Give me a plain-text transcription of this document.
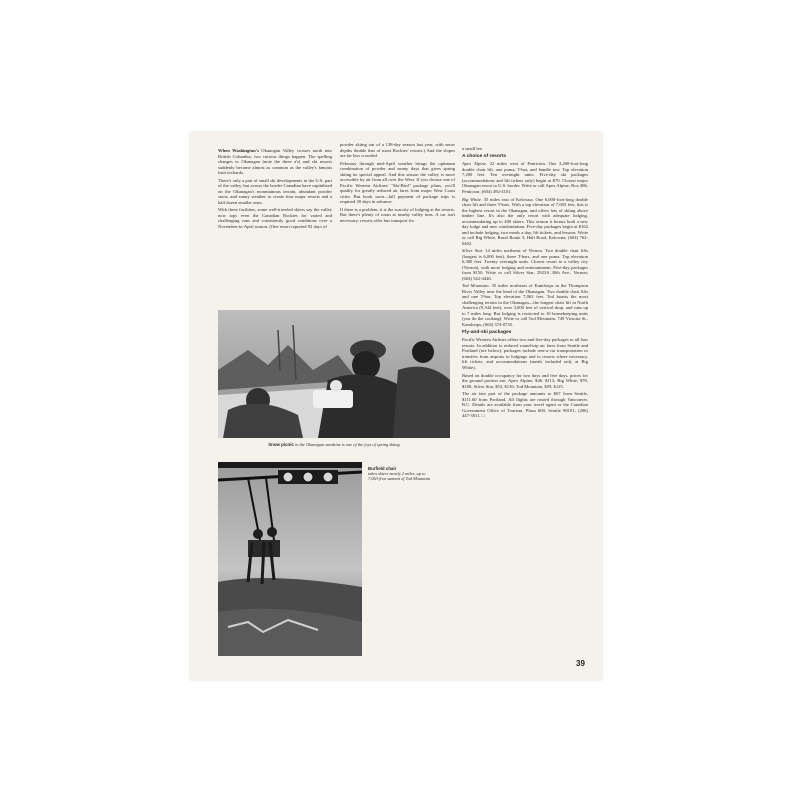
When Washington's Okanogan Valley crosses north into British Columbia, two curious things happen. The spelling changes to Okanagan (note the three a's) and ski resorts suddenly become almost as common as the valley's famous fruit orchards.

There's only a pair of small ski developments in the U.S. part of the valley, but across the border Canadian have capitalized on the Okanagan's mountainous terrain, abundant powder snow, and sunny weather to create four major resorts and a half dozen smaller ones.

With these facilities, some well-traveled skiers say the valley now tops even the Canadian Rockies for varied and challenging runs and consistently good conditions over a November-to-April season. (One resort reported 92 days of

powder skiing out of a 138-day season last year, with snow depths double that of most Rockies' resorts.) And the slopes are far less crowded.

February through mid-April weather brings the optimum combination of powder and sunny days that gives spring skiing its special appeal. And this season the valley is more accessible by air from all over the West. If you choose one of Pacific Western Airlines' "Ski-Bird" package plans, you'll qualify for greatly reduced air fares from major West Coast cities. But book soon—full payment of package trips is required 30 days in advance.

If there is a problem, it is the scarcity of lodging at the resorts. But there's plenty of room at nearby valley inns. A car isn't necessary; resorts offer bus transport for

a small fee.

A choice of resorts

Apex Alpine. 22 miles west of Penticton. One 3,200-foot-long double chair lift, one poma, T-bar, and handle tow. Top elevation 7,200 feet. Ten overnight units. Five-day ski packages (accommodations and lift tickets only) begin at $70. Closest major Okanagan resort to U.S. border. Write or call Apex Alpine, Box 486, Penticton; (604) 492-4101.

Big White. 35 miles east of Kelowna. One 6,000-foot-long double chair lift and three T-bars. With a top elevation of 7,603 feet, this is the highest resort in the Okanagan, and offers lots of skiing above timber line. It's also the only resort with adequate lodging, accommodating up to 400 skiers. This season it boasts both a new day lodge and new condominium. Five-day packages begin at $162 and include lodging, two meals a day, lift tickets, and lessons. Write or call Big White, Rural Route 3, Hall Road, Kelowna; (604) 762-0402.

Silver Star. 14 miles northeast of Vernon. Two double chair lifts (longest is 6,000 feet), three T-bars, and one poma. Top elevation 6,300 feet. Twenty overnight units. Closest resort to a valley city (Vernon), with more lodging and entertainment. Five-day packages from $150. Write or call Silver Star, 2923A 30th Ave., Vernon; (604) 542-4426.

Tod Mountain. 35 miles northeast of Kamloops in the Thompson River Valley near the head of the Okanagan. Two double chair lifts and one T-bar. Top elevation 7,063 feet. Tod boasts the most challenging terrain in the Okanagan—the longest chair lift in North America (9,344 feet), over 3,000 feet of vertical drop, and runs up to 7 miles long. But lodging is restricted to 10 housekeeping units (you do the cooking). Write or call Tod Mountain, 749 Victoria St., Kamloops; (604) 374-0735.

Fly-and-ski packages

Pacific Western Airlines offers two and five-day packages to all four resorts. In addition to reduced round-trip air fares from Seattle and Portland (see below), packages include rent-a-car transportation or transfers from airports to lodgings and to resorts where necessary, lift tickets, and accommodations (meals included only at Big White).

Based on double occupancy for two days and five days, prices for the ground portion are: Apex Alpine, $46, $113; Big White, $70, $180; Silver Star, $53, $136; Tod Mountain, $59, $125.

The air fare part of the package amounts to $67 from Seattle, $111.60 from Portland. All flights are routed through Vancouver, B.C. Details are available from your travel agent or the Canadian Government Office of Tourism, Plaza 600, Seattle 98101; (206) 447-3811. □

Snow picnic in the Okanagan sunshine is one of the joys of spring skiing
Burfield chair
takes skiers nearly 2 miles, up to 7,063-foot summit of Tod Mountain
39
